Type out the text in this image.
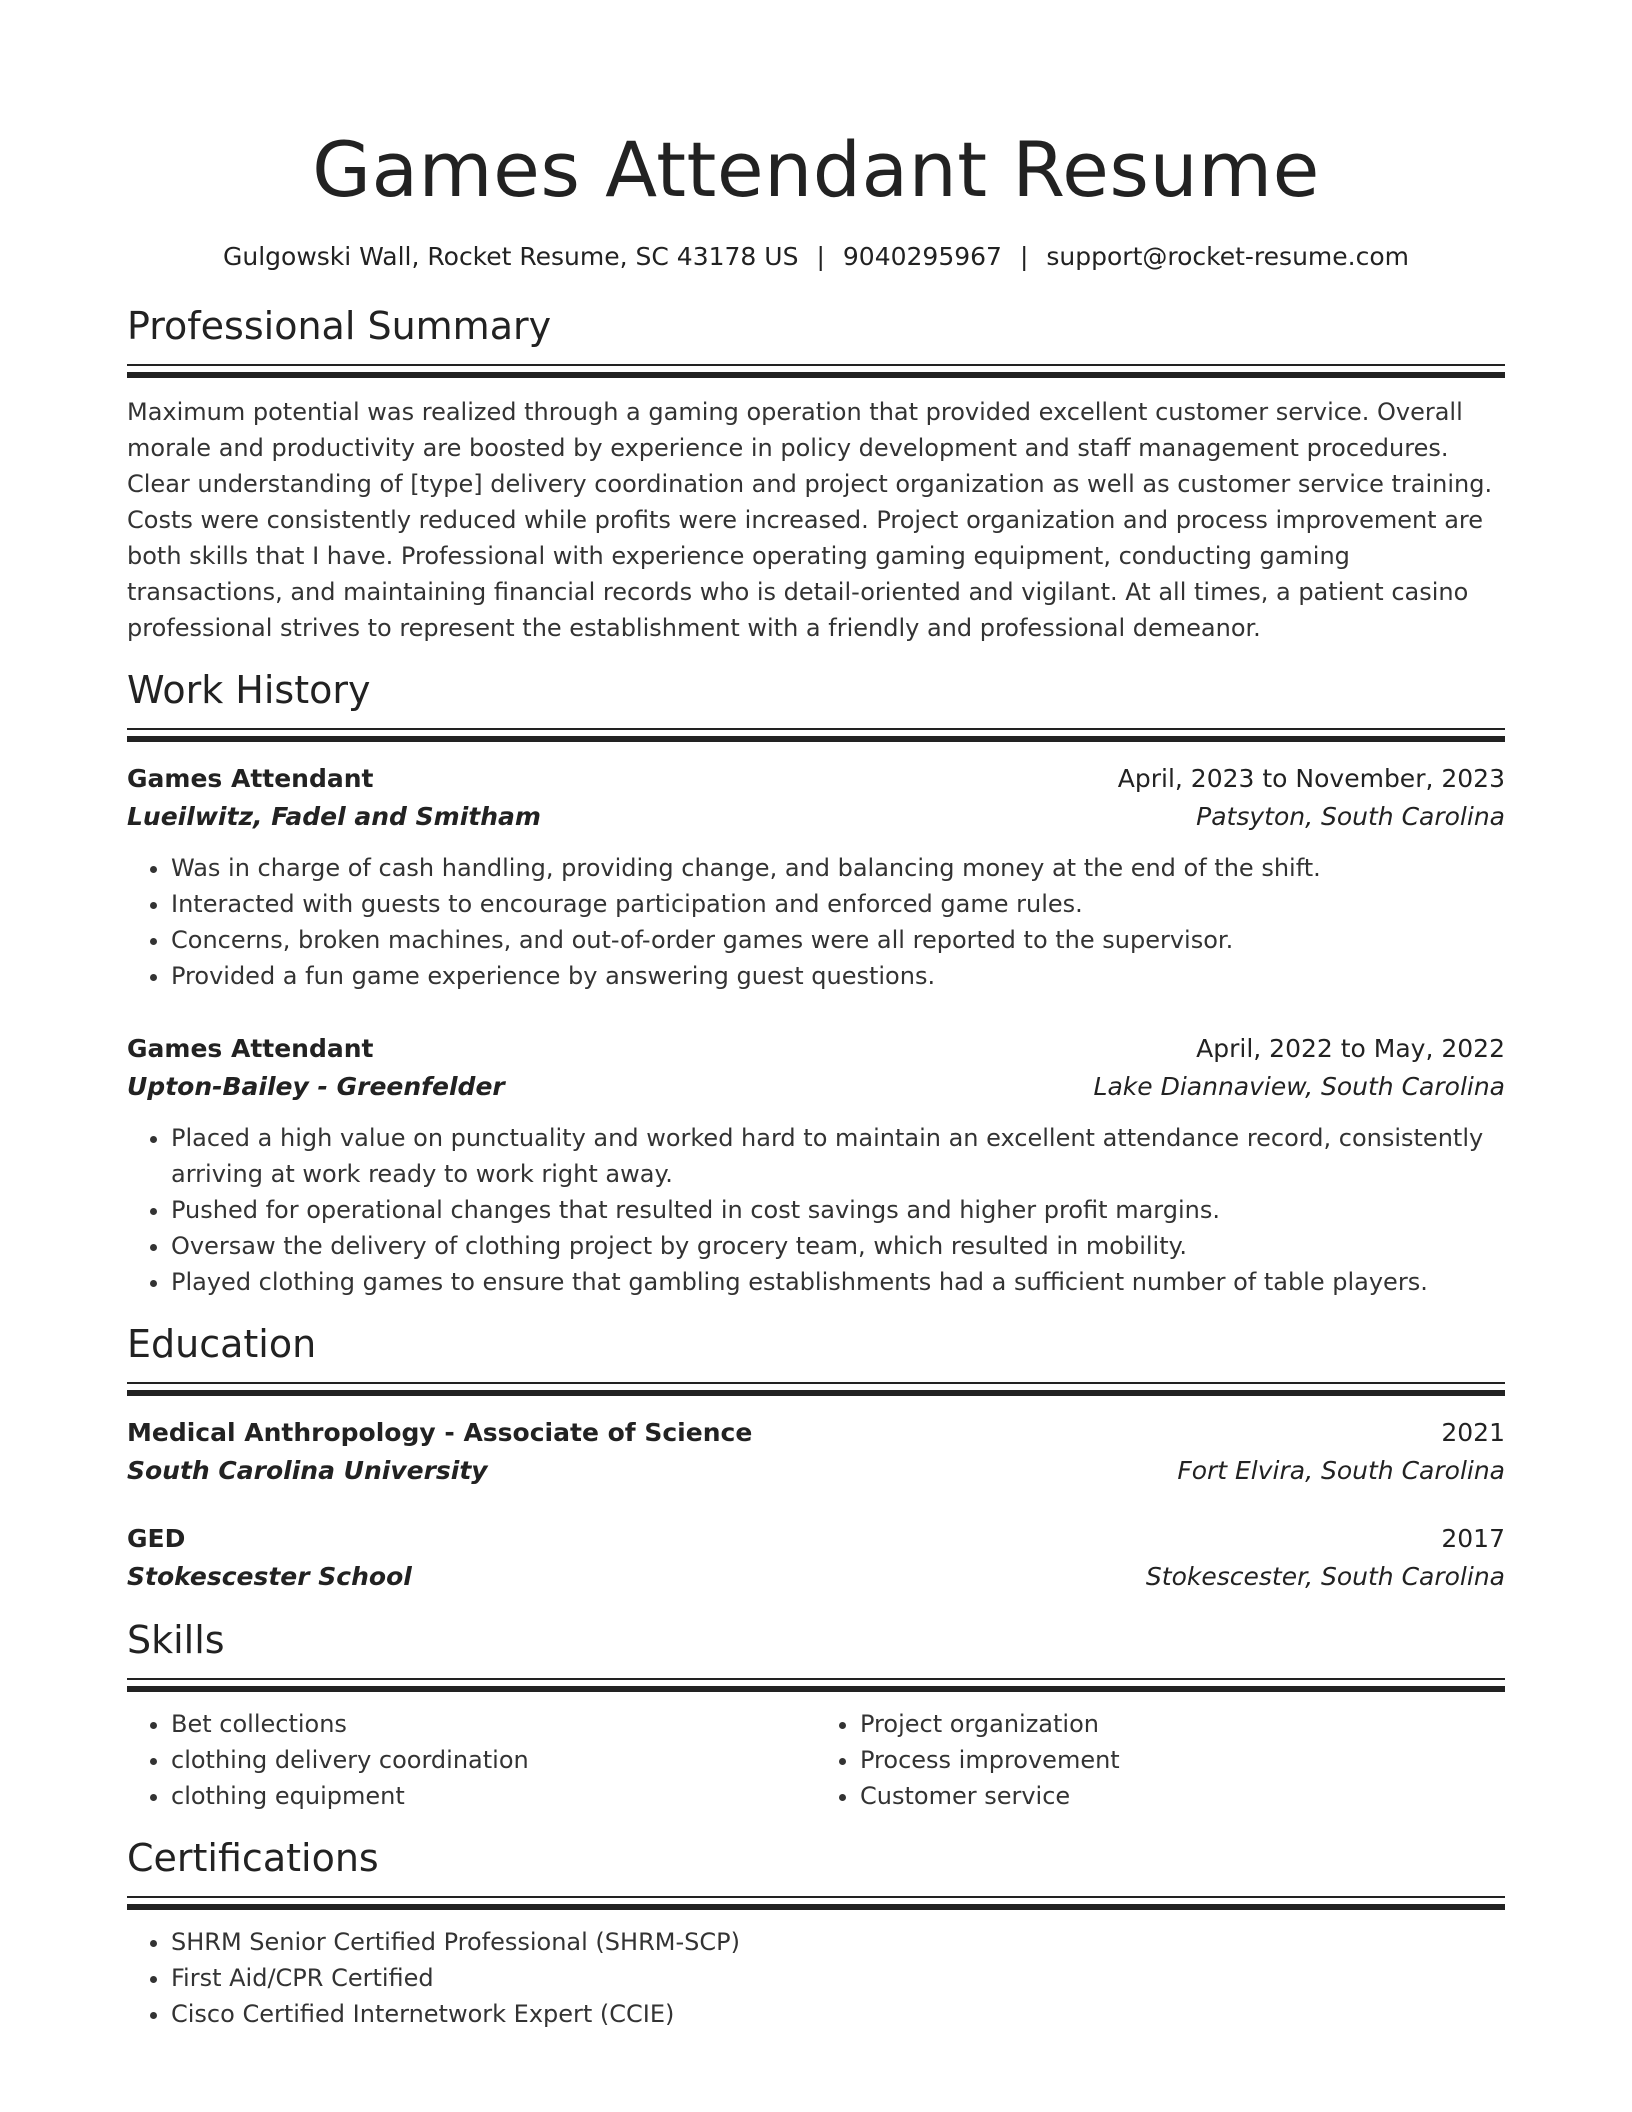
Games Attendant Resume
Gulgowski Wall, Rocket Resume, SC 43178 US | 9040295967 | support@rocket-resume.com
Professional Summary
Maximum potential was realized through a gaming operation that provided excellent customer service. Overall morale and productivity are boosted by experience in policy development and staff management procedures. Clear understanding of [type] delivery coordination and project organization as well as customer service training. Costs were consistently reduced while profits were increased. Project organization and process improvement are both skills that I have. Professional with experience operating gaming equipment, conducting gaming transactions, and maintaining financial records who is detail-oriented and vigilant. At all times, a patient casino professional strives to represent the establishment with a friendly and professional demeanor.
Work History
Games Attendant	April, 2023 to November, 2023
Lueilwitz, Fadel and Smitham	Patsyton, South Carolina
• Was in charge of cash handling, providing change, and balancing money at the end of the shift.
• Interacted with guests to encourage participation and enforced game rules.
• Concerns, broken machines, and out-of-order games were all reported to the supervisor.
• Provided a fun game experience by answering guest questions.
Games Attendant	April, 2022 to May, 2022
Upton-Bailey - Greenfelder	Lake Diannaview, South Carolina
• Placed a high value on punctuality and worked hard to maintain an excellent attendance record, consistently arriving at work ready to work right away.
• Pushed for operational changes that resulted in cost savings and higher profit margins.
• Oversaw the delivery of clothing project by grocery team, which resulted in mobility.
• Played clothing games to ensure that gambling establishments had a sufficient number of table players.
Education
Medical Anthropology - Associate of Science	2021
South Carolina University	Fort Elvira, South Carolina
GED	2017
Stokescester School	Stokescester, South Carolina
Skills
• Bet collections
• clothing delivery coordination
• clothing equipment
• Project organization
• Process improvement
• Customer service
Certifications
• SHRM Senior Certified Professional (SHRM-SCP)
• First Aid/CPR Certified
• Cisco Certified Internetwork Expert (CCIE)
